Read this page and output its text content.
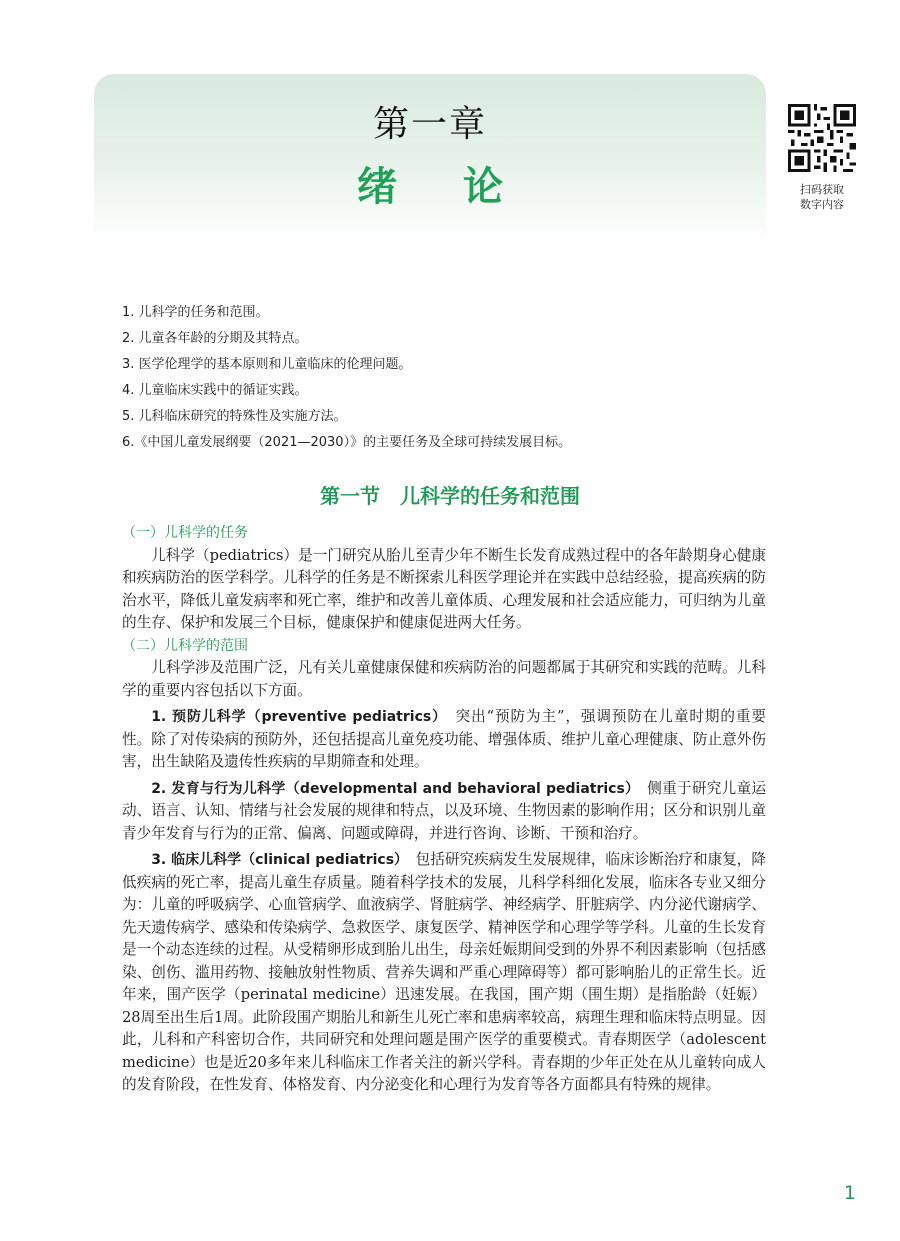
第一章
绪论	扫码获取
数字内容
1. 儿科学的任务和范围。
2. 儿童各年龄的分期及其特点。
3. 医学伦理学的基本原则和儿童临床的伦理问题。
4. 儿童临床实践中的循证实践。
5. 儿科临床研究的特殊性及实施方法。
6.《中国儿童发展纲要（2021—2030）》的主要任务及全球可持续发展目标。
第一节　儿科学的任务和范围
（一）儿科学的任务

儿科学（pediatrics）是一门研究从胎儿至青少年不断生长发育成熟过程中的各年龄期身心健康和疾病防治的医学科学。儿科学的任务是不断探索儿科医学理论并在实践中总结经验，提高疾病的防治水平，降低儿童发病率和死亡率，维护和改善儿童体质、心理发展和社会适应能力，可归纳为儿童的生存、保护和发展三个目标，健康保护和健康促进两大任务。

（二）儿科学的范围

儿科学涉及范围广泛，凡有关儿童健康保健和疾病防治的问题都属于其研究和实践的范畴。儿科学的重要内容包括以下方面。

1. 预防儿科学（preventive pediatrics）　 突出“预防为主”，强调预防在儿童时期的重要性。除了对传染病的预防外，还包括提高儿童免疫功能、增强体质、维护儿童心理健康、防止意外伤害，出生缺陷及遗传性疾病的早期筛查和处理。

2. 发育与行为儿科学（developmental and behavioral pediatrics）　 侧重于研究儿童运动、语言、认知、情绪与社会发展的规律和特点，以及环境、生物因素的影响作用；区分和识别儿童青少年发育与行为的正常、偏离、问题或障碍，并进行咨询、诊断、干预和治疗。

3. 临床儿科学（clinical pediatrics）　 包括研究疾病发生发展规律，临床诊断治疗和康复，降低疾病的死亡率，提高儿童生存质量。随着科学技术的发展，儿科学科细化发展，临床各专业又细分为：儿童的呼吸病学、心血管病学、血液病学、肾脏病学、神经病学、肝脏病学、内分泌代谢病学、先天遗传病学、感染和传染病学、急救医学、康复医学、精神医学和心理学等学科。儿童的生长发育是一个动态连续的过程。从受精卵形成到胎儿出生，母亲妊娠期间受到的外界不利因素影响（包括感染、创伤、滥用药物、接触放射性物质、营养失调和严重心理障碍等）都可影响胎儿的正常生长。近年来，围产医学（perinatal medicine）迅速发展。在我国，围产期（围生期）是指胎龄（妊娠）28周至出生后1周。此阶段围产期胎儿和新生儿死亡率和患病率较高，病理生理和临床特点明显。因此，儿科和产科密切合作，共同研究和处理问题是围产医学的重要模式。青春期医学（adolescent medicine）也是近20多年来儿科临床工作者关注的新兴学科。青春期的少年正处在从儿童转向成人的发育阶段，在性发育、体格发育、内分泌变化和心理行为发育等各方面都具有特殊的规律。

1
